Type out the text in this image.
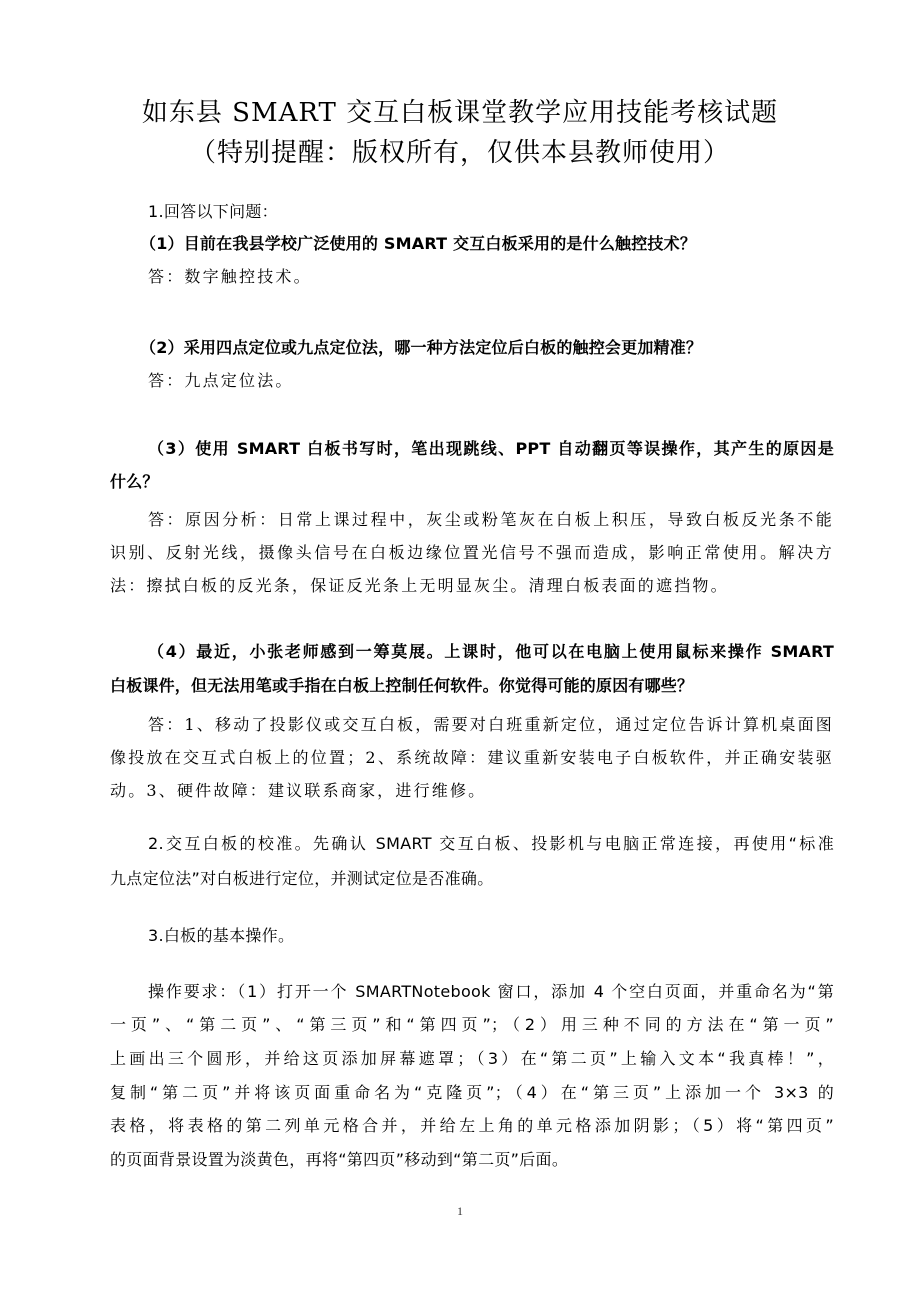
如东县 SMART 交互白板课堂教学应用技能考核试题
（特别提醒：版权所有，仅供本县教师使用）
1.回答以下问题：
（1）目前在我县学校广泛使用的 SMART 交互白板采用的是什么触控技术？
答：数字触控技术。
（2）采用四点定位或九点定位法，哪一种方法定位后白板的触控会更加精准？
答：九点定位法。
（3）使用 SMART 白板书写时，笔出现跳线、PPT 自动翻页等误操作，其产生的原因是
什么？
答：原因分析：日常上课过程中，灰尘或粉笔灰在白板上积压，导致白板反光条不能
识别、反射光线，摄像头信号在白板边缘位置光信号不强而造成，影响正常使用。解决方
法：擦拭白板的反光条，保证反光条上无明显灰尘。清理白板表面的遮挡物。
（4）最近，小张老师感到一筹莫展。上课时，他可以在电脑上使用鼠标来操作 SMART
白板课件，但无法用笔或手指在白板上控制任何软件。你觉得可能的原因有哪些？
答：1、移动了投影仪或交互白板，需要对白班重新定位，通过定位告诉计算机桌面图
像投放在交互式白板上的位置；2、系统故障：建议重新安装电子白板软件，并正确安装驱
动。3、硬件故障：建议联系商家，进行维修。
2.交互白板的校准。先确认 SMART 交互白板、投影机与电脑正常连接，再使用“标准
九点定位法”对白板进行定位，并测试定位是否准确。
3.白板的基本操作。
操作要求：（1）打开一个 SMARTNotebook 窗口，添加 4 个空白页面，并重命名为“第
一页”、“第二页”、“第三页”和“第四页”；（2）用三种不同的方法在“第一页”
上画出三个圆形，并给这页添加屏幕遮罩；（3）在“第二页”上输入文本“我真棒！”，
复制“第二页”并将该页面重命名为“克隆页”；（4）在“第三页”上添加一个 3×3 的
表格，将表格的第二列单元格合并，并给左上角的单元格添加阴影；（5）将“第四页”
的页面背景设置为淡黄色，再将“第四页”移动到“第二页”后面。
1
